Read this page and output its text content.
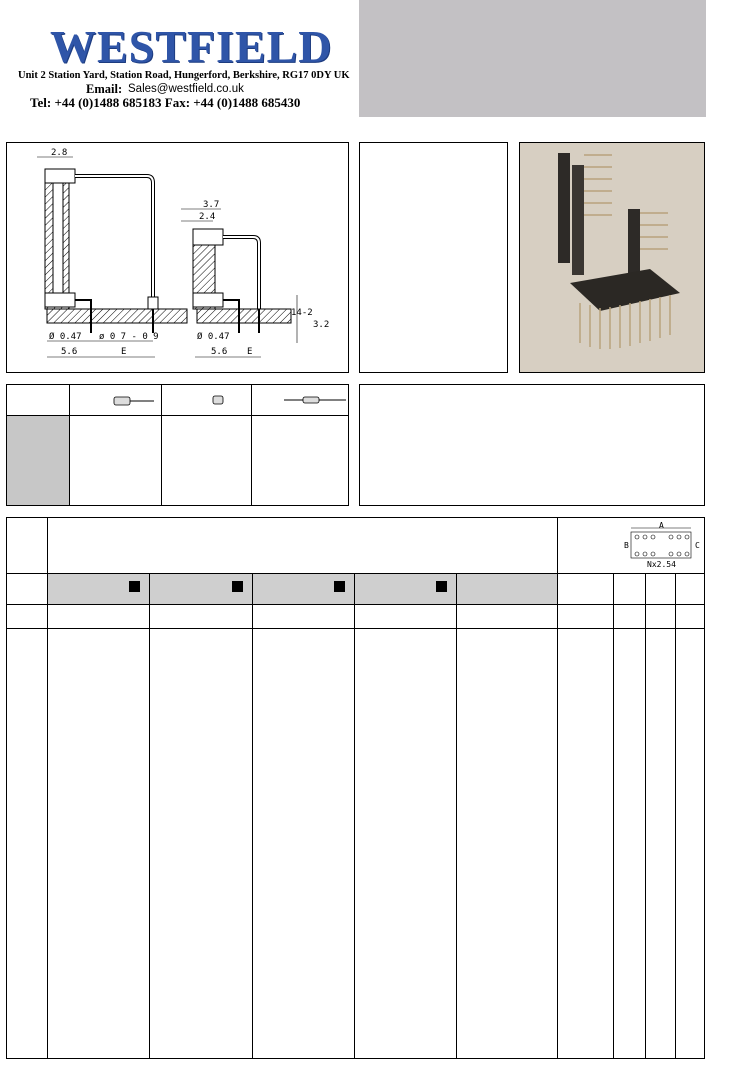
WESTFIELD
Unit 2 Station Yard, Station Road, Hungerford, Berkshire, RG17 0DY UK
Email: Sales@westfield.co.uk
Tel: +44 (0)1488 685183 Fax: +44 (0)1488 685430
2.8
3.7
2.4
14-2
3.2
Ø 0.47 ø 0 7 - 0 9
5.6	E
Ø 0.47
5.6 E
A
B	C
Nx2.54
